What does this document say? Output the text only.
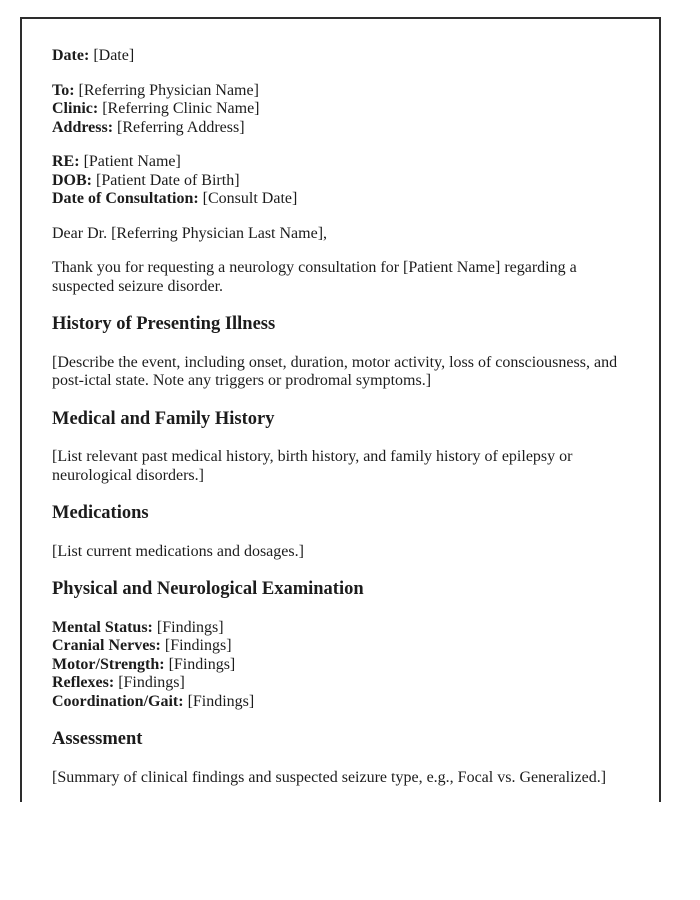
Date: [Date]

To: [Referring Physician Name]
Clinic: [Referring Clinic Name]
Address: [Referring Address]

RE: [Patient Name]
DOB: [Patient Date of Birth]
Date of Consultation: [Consult Date]

Dear Dr. [Referring Physician Last Name],

Thank you for requesting a neurology consultation for [Patient Name] regarding a suspected seizure disorder.

History of Presenting Illness

[Describe the event, including onset, duration, motor activity, loss of consciousness, and post-ictal state. Note any triggers or prodromal symptoms.]

Medical and Family History

[List relevant past medical history, birth history, and family history of epilepsy or neurological disorders.]

Medications

[List current medications and dosages.]

Physical and Neurological Examination

Mental Status: [Findings]
Cranial Nerves: [Findings]
Motor/Strength: [Findings]
Reflexes: [Findings]
Coordination/Gait: [Findings]

Assessment

[Summary of clinical findings and suspected seizure type, e.g., Focal vs. Generalized.]
